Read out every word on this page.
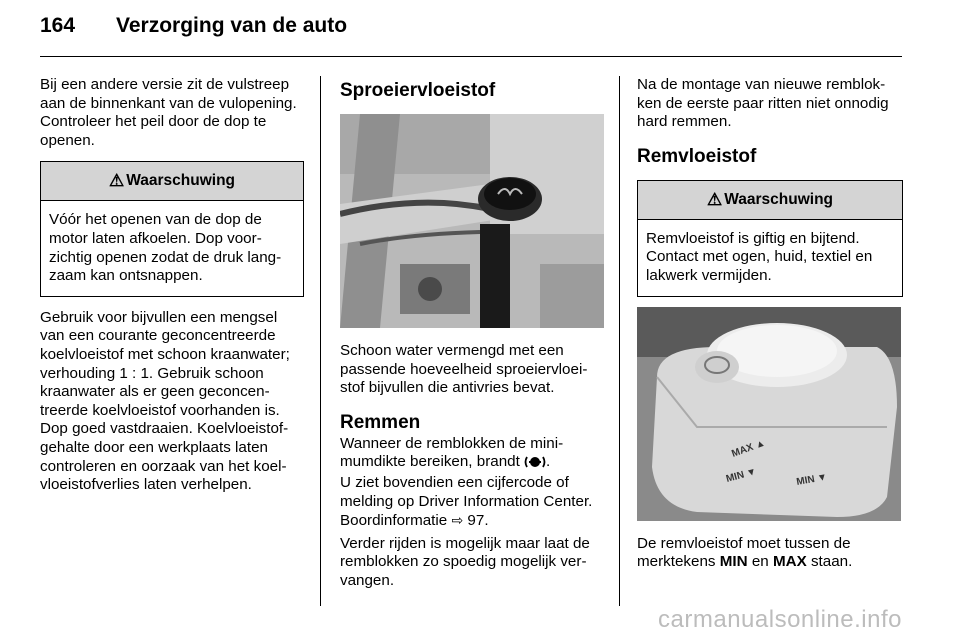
164 Verzorging van de auto

Bij een andere versie zit de vulstreep aan de binnenkant van de vulopening. Controleer het peil door de dop te openen.

⚠ Waarschuwing
Vóór het openen van de dop de motor laten afkoelen. Dop voorzichtig openen zodat de druk langzaam kan ontsnappen.

Gebruik voor bijvullen een mengsel van een courante geconcentreerde koelvloeistof met schoon kraanwater; verhouding 1 : 1. Gebruik schoon kraanwater als er geen geconcentreerde koelvloeistof voorhanden is. Dop goed vastdraaien. Koelvloeistofgehalte door een werkplaats laten controleren en oorzaak van het koelvloeistofverlies laten verhelpen.

Sproeiervloeistof

Schoon water vermengd met een passende hoeveelheid sproeiervloeistof bijvullen die antivries bevat.

Remmen

Wanneer de remblokken de minimumdikte bereiken, brandt .

U ziet bovendien een cijfercode of melding op Driver Information Center.

Boordinformatie ⇨ 97.

Verder rijden is mogelijk maar laat de remblokken zo spoedig mogelijk vervangen.

Na de montage van nieuwe remblokken de eerste paar ritten niet onnodig hard remmen.

Remvloeistof
⚠ Waarschuwing
Remvloeistof is giftig en bijtend. Contact met ogen, huid, textiel en lakwerk vermijden.
MAX ▲
MIN ▼	MIN ▼

De remvloeistof moet tussen de merktekens MIN en MAX staan.

carmanualsonline.info
